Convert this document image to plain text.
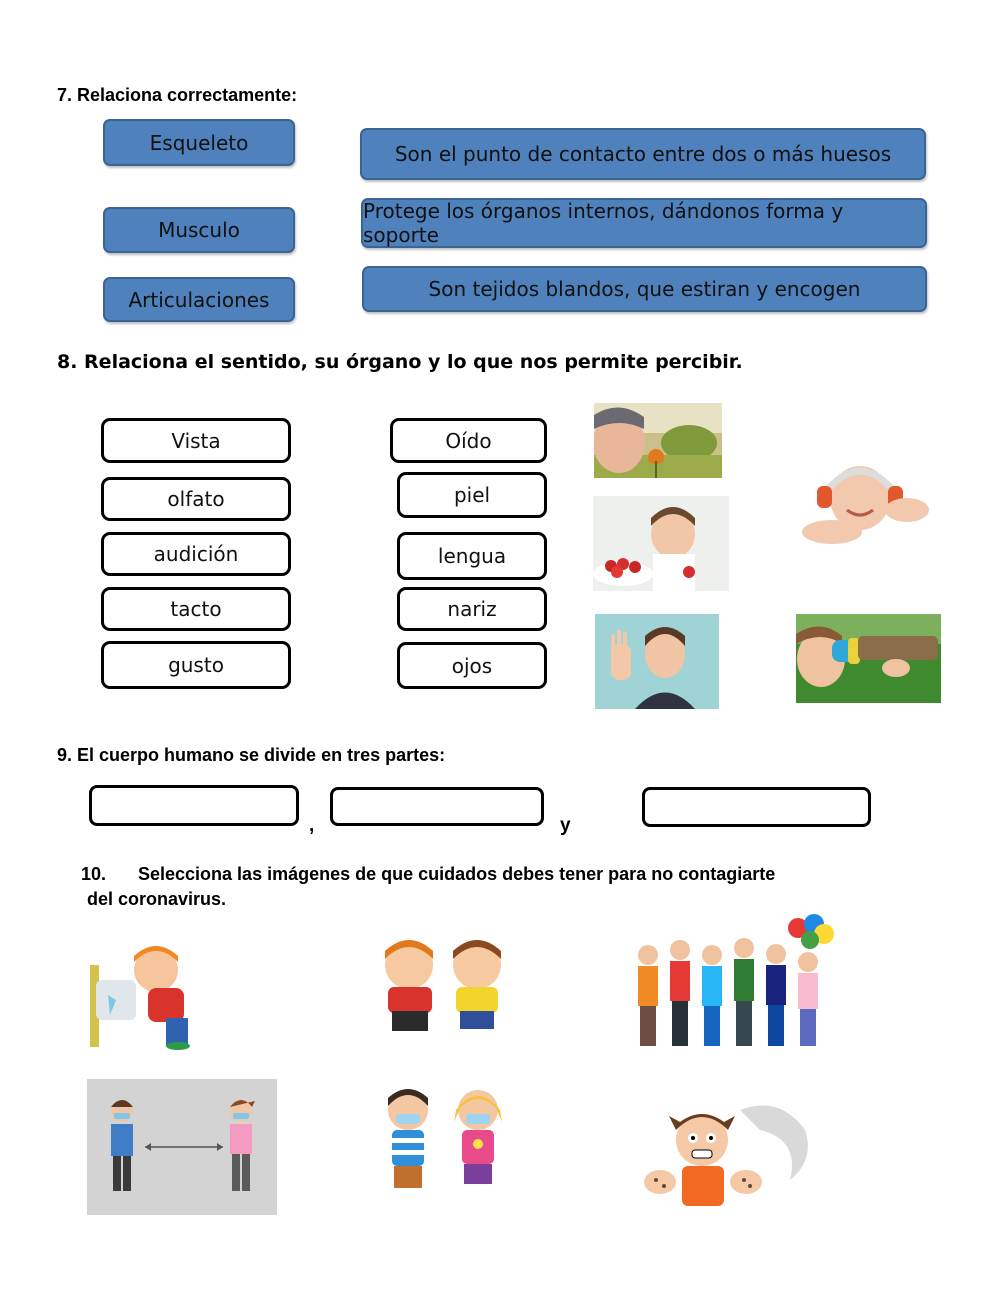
7. Relaciona correctamente:
Esqueleto
Musculo
Articulaciones
Son el punto de contacto entre dos o más huesos
Protege los órganos internos, dándonos forma y soporte
Son tejidos blandos, que estiran y encogen
8. Relaciona el sentido, su órgano y lo que nos permite percibir.
Vista
olfato
audición
tacto
gusto
Oído
piel
lengua
nariz
ojos
9. El cuerpo humano se divide en tres partes:
,	y
10. Selecciona las imágenes de que cuidados debes tener para no contagiarte
del coronavirus.
